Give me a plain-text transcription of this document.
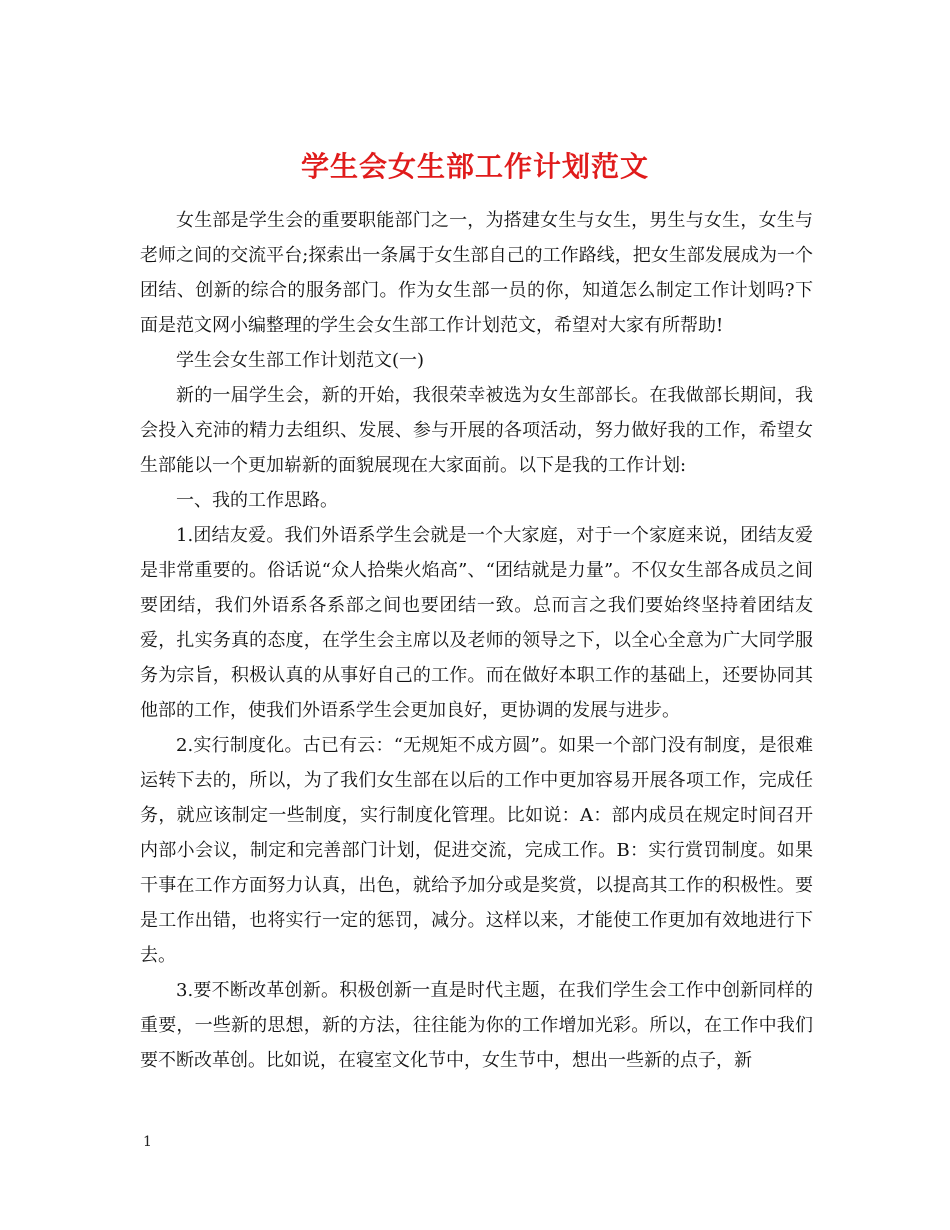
学生会女生部工作计划范文

女生部是学生会的重要职能部门之一，为搭建女生与女生，男生与女生，女生与老师之间的交流平台;探索出一条属于女生部自己的工作路线，把女生部发展成为一个团结、创新的综合的服务部门。作为女生部一员的你，知道怎么制定工作计划吗?下面是范文网小编整理的学生会女生部工作计划范文，希望对大家有所帮助!

学生会女生部工作计划范文(一)

新的一届学生会，新的开始，我很荣幸被选为女生部部长。在我做部长期间，我会投入充沛的精力去组织、发展、参与开展的各项活动，努力做好我的工作，希望女生部能以一个更加崭新的面貌展现在大家面前。以下是我的工作计划:

一、我的工作思路。

1.团结友爱。我们外语系学生会就是一个大家庭，对于一个家庭来说，团结友爱是非常重要的。俗话说“众人拾柴火焰高”、“团结就是力量”。不仅女生部各成员之间要团结，我们外语系各系部之间也要团结一致。总而言之我们要始终坚持着团结友爱，扎实务真的态度，在学生会主席以及老师的领导之下，以全心全意为广大同学服务为宗旨，积极认真的从事好自己的工作。而在做好本职工作的基础上，还要协同其他部的工作，使我们外语系学生会更加良好，更协调的发展与进步。

2.实行制度化。古已有云：“无规矩不成方圆”。如果一个部门没有制度，是很难运转下去的，所以，为了我们女生部在以后的工作中更加容易开展各项工作，完成任务，就应该制定一些制度，实行制度化管理。比如说：A：部内成员在规定时间召开内部小会议，制定和完善部门计划，促进交流，完成工作。B：实行赏罚制度。如果干事在工作方面努力认真，出色，就给予加分或是奖赏，以提高其工作的积极性。要是工作出错，也将实行一定的惩罚，减分。这样以来，才能使工作更加有效地进行下去。

3.要不断改革创新。积极创新一直是时代主题，在我们学生会工作中创新同样的重要，一些新的思想，新的方法，往往能为你的工作增加光彩。所以，在工作中我们要不断改革创。比如说，在寝室文化节中，女生节中，想出一些新的点子，新

1
